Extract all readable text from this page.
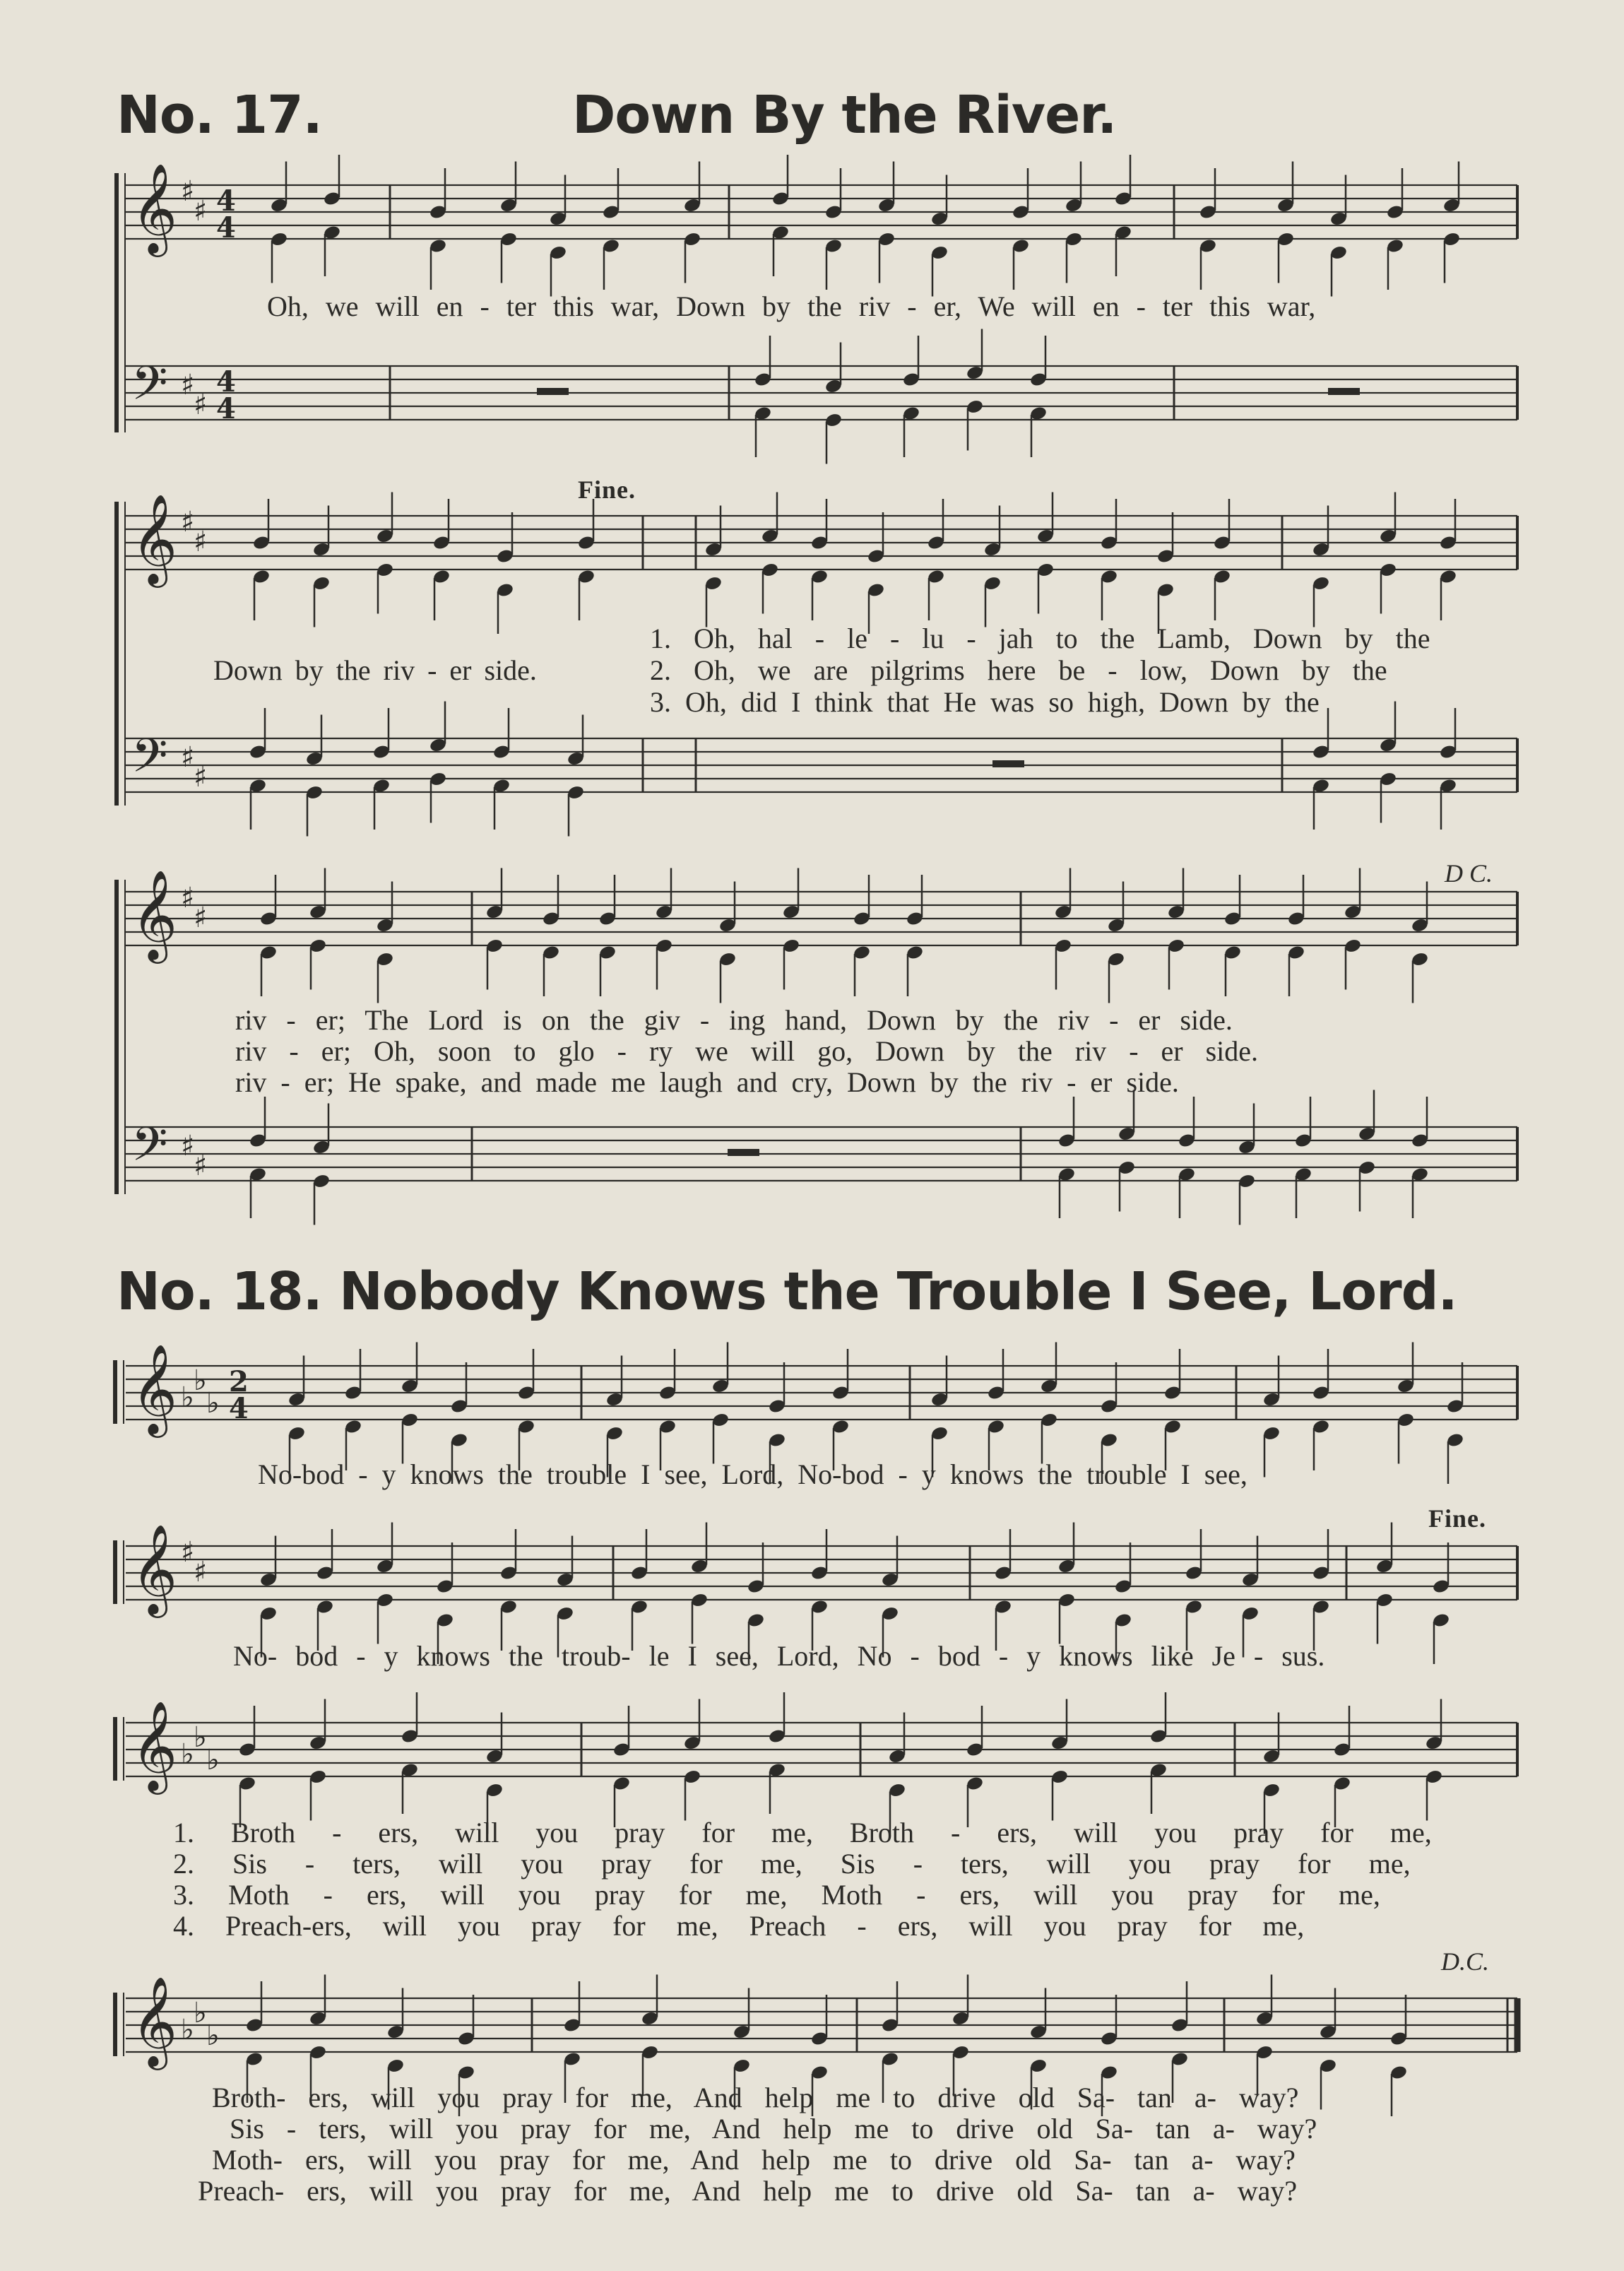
No. 17.	Down By the River.
𝄞 ♯
♯ 4
4
𝄢 ♯
♯
4
4
𝄞 ♯
♯
𝄢 ♯
♯
𝄞 ♯
♯
𝄢 ♯
♯
𝄞 ♭
♭
♭
2
4
𝄞 ♯
♯
𝄞 ♭
♭
♭
𝄞 ♭
♭
♭
Oh, we will en - ter this war, Down by the riv - er, We will en - ter this war,
Fine.
Down by the riv - er side.
1. Oh, hal - le - lu - jah to the Lamb, Down by the
2. Oh, we are pilgrims here be - low, Down by the
3. Oh, did I think that He was so high, Down by the
D C.
riv - er; The Lord is on the giv - ing hand, Down by the riv - er side.
riv - er; Oh, soon to glo - ry we will go, Down by the riv - er side.
riv - er; He spake, and made me laugh and cry, Down by the riv - er side.
No. 18. Nobody Knows the Trouble I See, Lord.
No-bod - y knows the trouble I see, Lord, No-bod - y knows the trouble I see,
Fine.
No- bod - y knows the troub- le I see, Lord, No - bod - y knows like Je - sus.
1. Broth - ers, will you pray for me, Broth - ers, will you pray for me,
2. Sis - ters, will you pray for me, Sis - ters, will you pray for me,
3. Moth - ers, will you pray for me, Moth - ers, will you pray for me,
4. Preach-ers, will you pray for me, Preach - ers, will you pray for me,
D.C.
Broth- ers, will you pray for me, And help me to drive old Sa- tan a- way?
Sis - ters, will you pray for me, And help me to drive old Sa- tan a- way?
Moth- ers, will you pray for me, And help me to drive old Sa- tan a- way?
Preach- ers, will you pray for me, And help me to drive old Sa- tan a- way?
